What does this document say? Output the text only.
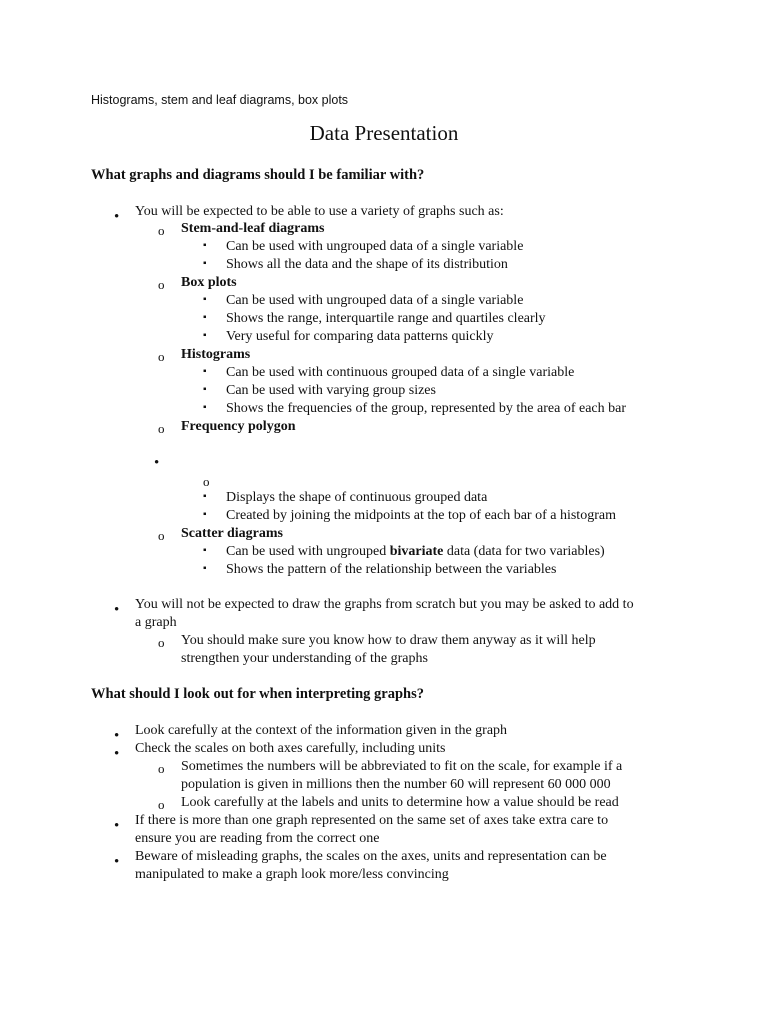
Histograms, stem and leaf diagrams, box plots
Data Presentation
What graphs and diagrams should I be familiar with?
• You will be expected to be able to use a variety of graphs such as:
o Stem-and-leaf diagrams
▪ Can be used with ungrouped data of a single variable
▪ Shows all the data and the shape of its distribution
o Box plots
▪ Can be used with ungrouped data of a single variable
▪ Shows the range, interquartile range and quartiles clearly
▪ Very useful for comparing data patterns quickly
o Histograms
▪ Can be used with continuous grouped data of a single variable
▪ Can be used with varying group sizes
▪ Shows the frequencies of the group, represented by the area of each bar
o Frequency polygon
•
o
▪ Displays the shape of continuous grouped data
▪ Created by joining the midpoints at the top of each bar of a histogram
o Scatter diagrams
▪ Can be used with ungrouped bivariate data (data for two variables)
▪ Shows the pattern of the relationship between the variables
• You will not be expected to draw the graphs from scratch but you may be asked to add to
a graph
o You should make sure you know how to draw them anyway as it will help
strengthen your understanding of the graphs
What should I look out for when interpreting graphs?
• Look carefully at the context of the information given in the graph
• Check the scales on both axes carefully, including units
o Sometimes the numbers will be abbreviated to fit on the scale, for example if a
population is given in millions then the number 60 will represent 60 000 000
o Look carefully at the labels and units to determine how a value should be read
• If there is more than one graph represented on the same set of axes take extra care to
ensure you are reading from the correct one
• Beware of misleading graphs, the scales on the axes, units and representation can be
manipulated to make a graph look more/less convincing
